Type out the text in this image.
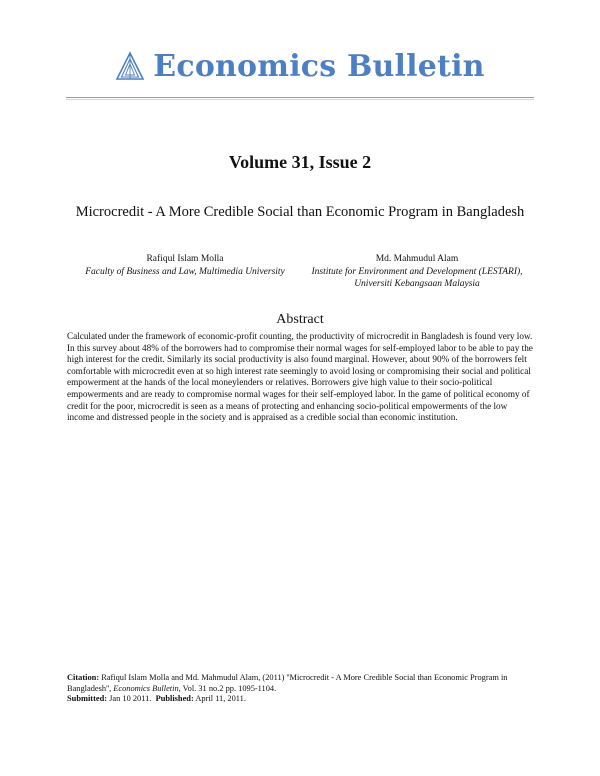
Economics Bulletin
Volume 31, Issue 2
Microcredit - A More Credible Social than Economic Program in Bangladesh
Rafiqul Islam Molla
Faculty of Business and Law, Multimedia University
Md. Mahmudul Alam
Institute for Environment and Development (LESTARI),
Universiti Kebangsaan Malaysia
Abstract
Calculated under the framework of economic-profit counting, the productivity of microcredit in Bangladesh is found very low. In this survey about 48% of the borrowers had to compromise their normal wages for self-employed labor to be able to pay the high interest for the credit. Similarly its social productivity is also found marginal. However, about 90% of the borrowers felt comfortable with microcredit even at so high interest rate seemingly to avoid losing or compromising their social and political empowerment at the hands of the local moneylenders or relatives. Borrowers give high value to their socio-political empowerments and are ready to compromise normal wages for their self-employed labor. In the game of political economy of credit for the poor, microcredit is seen as a means of protecting and enhancing socio-political empowerments of the low income and distressed people in the society and is appraised as a credible social than economic institution.
Citation: Rafiqul Islam Molla and Md. Mahmudul Alam, (2011) ''Microcredit - A More Credible Social than Economic Program in Bangladesh'', Economics Bulletin, Vol. 31 no.2 pp. 1095-1104.
Submitted: Jan 10 2011. Published: April 11, 2011.
